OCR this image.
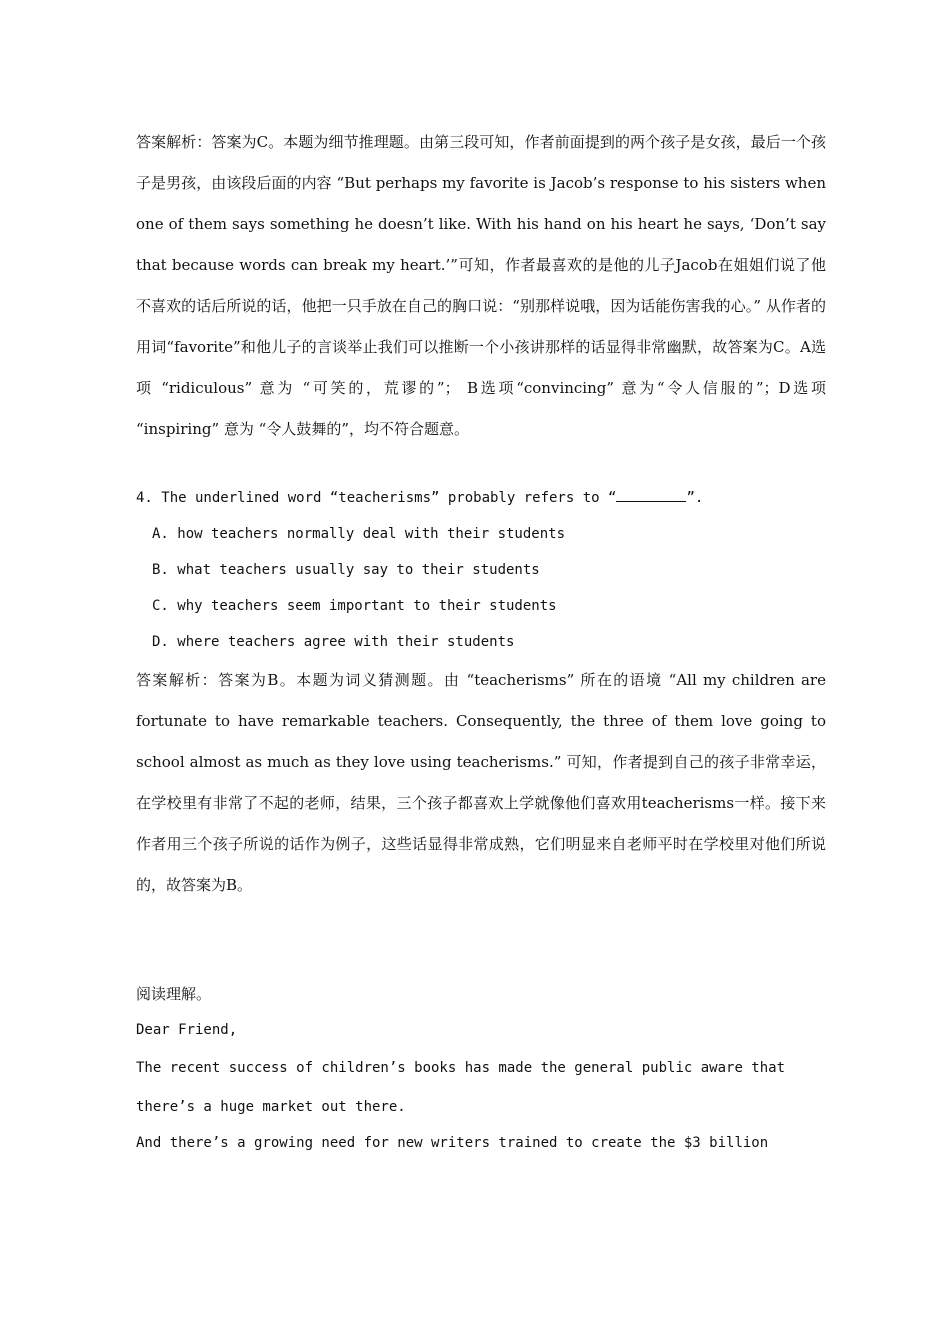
答案解析：答案为C。本题为细节推理题。由第三段可知，作者前面提到的两个孩子是女孩，最后一个孩子是男孩，由该段后面的内容 “But perhaps my favorite is Jacob’s response to his sisters when one of them says something he doesn’t like. With his hand on his heart he says, ‘Don’t say that because words can break my heart.’”可知，作者最喜欢的是他的儿子Jacob在姐姐们说了他不喜欢的话后所说的话，他把一只手放在自己的胸口说：“别那样说哦，因为话能伤害我的心。” 从作者的用词“favorite”和他儿子的言谈举止我们可以推断一个小孩讲那样的话显得非常幽默，故答案为C。A选项 “ridiculous” 意为 “可笑的，荒谬的”； B选项“convincing” 意为“令人信服的”；D选项 “inspiring” 意为 “令人鼓舞的”，均不符合题意。

4. The underlined word “teacherisms” probably refers to “	”.

A. how teachers normally deal with their students

B. what teachers usually say to their students

C. why teachers seem important to their students

D. where teachers agree with their students

答案解析：答案为B。本题为词义猜测题。由 “teacherisms” 所在的语境 “All my children are fortunate to have remarkable teachers. Consequently, the three of them love going to school almost as much as they love using teacherisms.” 可知，作者提到自己的孩子非常幸运，在学校里有非常了不起的老师，结果，三个孩子都喜欢上学就像他们喜欢用teacherisms一样。接下来作者用三个孩子所说的话作为例子，这些话显得非常成熟，它们明显来自老师平时在学校里对他们所说的，故答案为B。

阅读理解。

Dear Friend,

The recent success of children’s books has made the general public aware that

there’s a huge market out there.

And there’s a growing need for new writers trained to create the $3 billion
